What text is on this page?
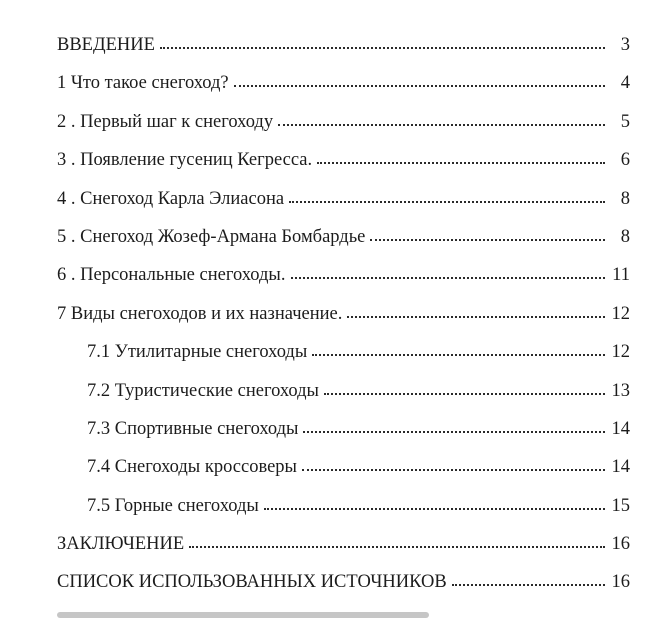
ВВЕДЕНИЕ	3
1 Что такое снегоход?	4
2 . Первый шаг к снегоходу	5
3 . Появление гусениц Кегресса.	6
4 . Снегоход Карла Элиасона	8
5 . Снегоход Жозеф-Армана Бомбардье	8
6 . Персональные снегоходы.	11
7 Виды снегоходов и их назначение.	12
7.1 Утилитарные снегоходы	12
7.2 Туристические снегоходы	13
7.3 Спортивные снегоходы	14
7.4 Снегоходы кроссоверы	14
7.5 Горные снегоходы	15
ЗАКЛЮЧЕНИЕ	16
СПИСОК ИСПОЛЬЗОВАННЫХ ИСТОЧНИКОВ	16
